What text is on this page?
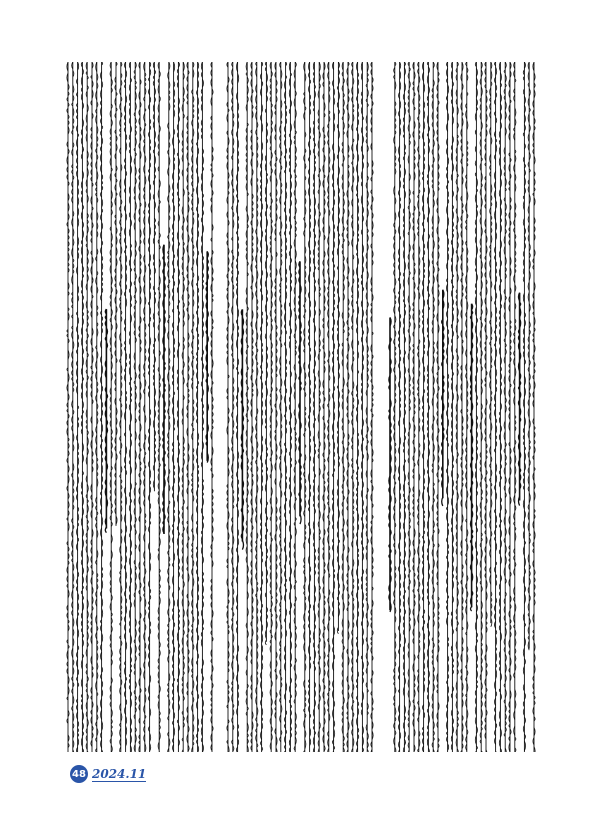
48 2024.11
